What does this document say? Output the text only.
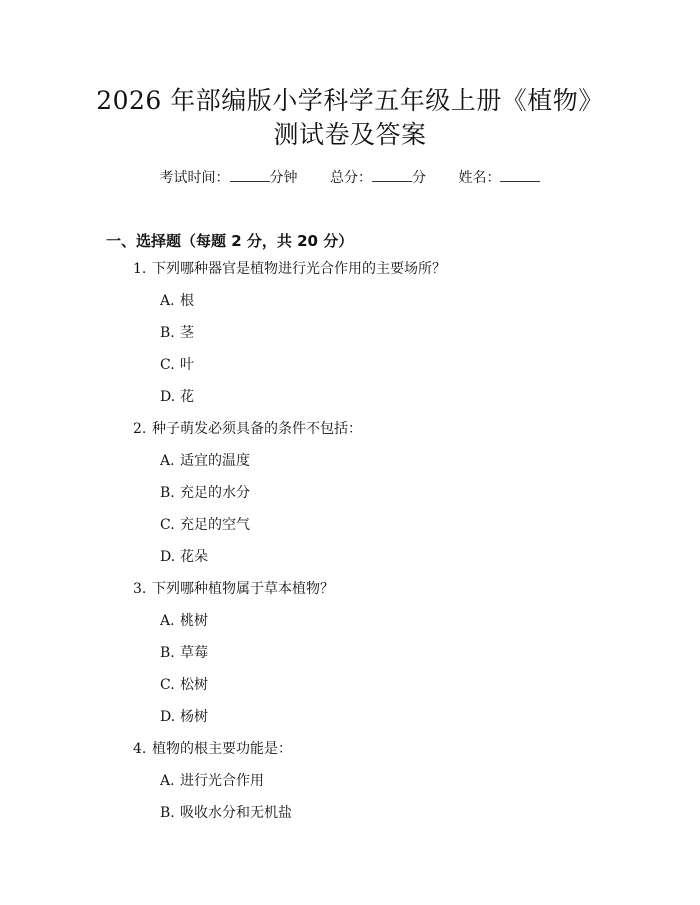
2026 年部编版小学科学五年级上册《植物》
测试卷及答案
考试时间：	分钟 总分：	分 姓名：
一、选择题（每题 2 分，共 20 分）
1. 下列哪种器官是植物进行光合作用的主要场所？
A. 根
B. 茎
C. 叶
D. 花
2. 种子萌发必须具备的条件不包括：
A. 适宜的温度
B. 充足的水分
C. 充足的空气
D. 花朵
3. 下列哪种植物属于草本植物？
A. 桃树
B. 草莓
C. 松树
D. 杨树
4. 植物的根主要功能是：
A. 进行光合作用
B. 吸收水分和无机盐
